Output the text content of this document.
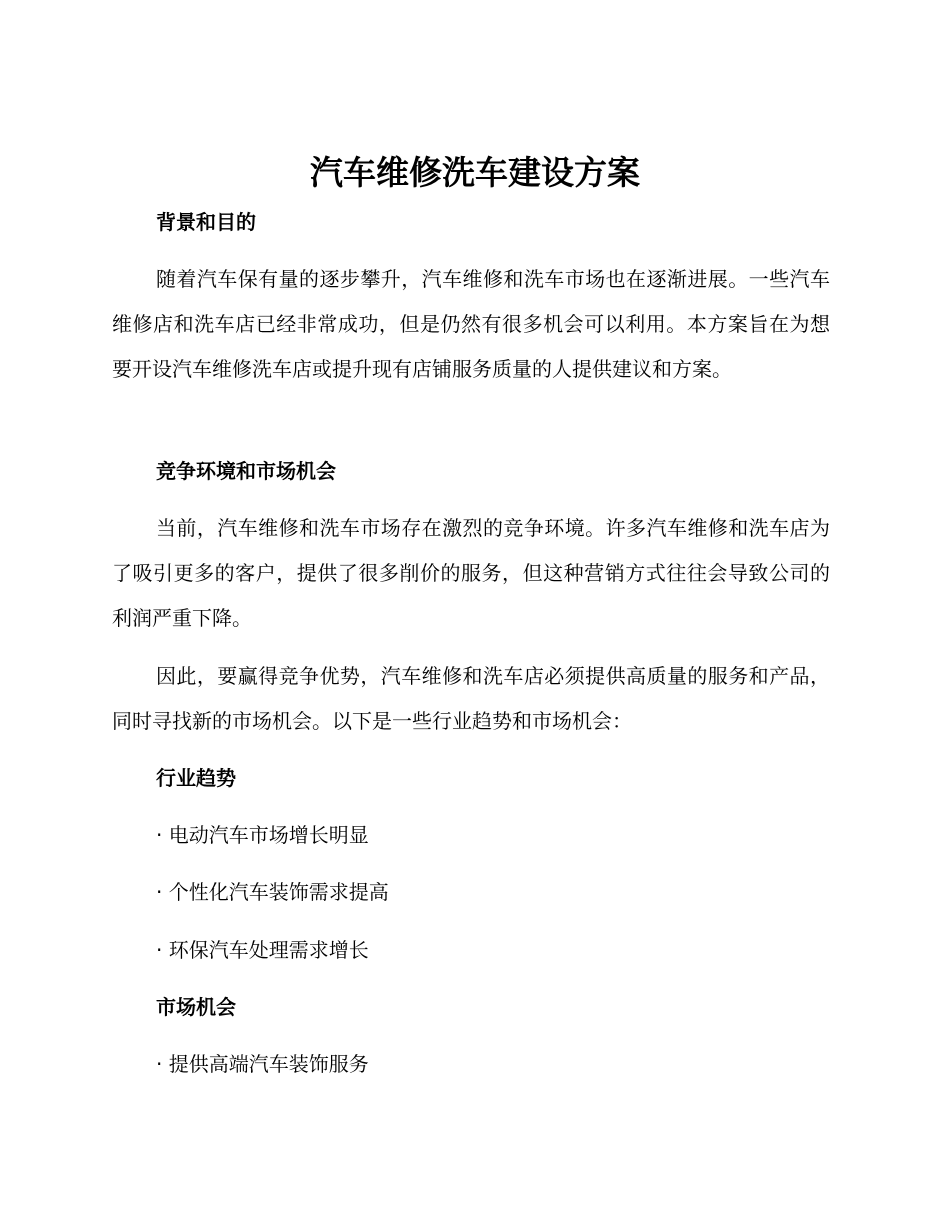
汽车维修洗车建设方案
背景和目的

随着汽车保有量的逐步攀升，汽车维修和洗车市场也在逐渐进展。一些汽车维修店和洗车店已经非常成功，但是仍然有很多机会可以利用。本方案旨在为想要开设汽车维修洗车店或提升现有店铺服务质量的人提供建议和方案。

竞争环境和市场机会

当前，汽车维修和洗车市场存在激烈的竞争环境。许多汽车维修和洗车店为了吸引更多的客户，提供了很多削价的服务，但这种营销方式往往会导致公司的利润严重下降。

因此，要赢得竞争优势，汽车维修和洗车店必须提供高质量的服务和产品，同时寻找新的市场机会。以下是一些行业趋势和市场机会：

行业趋势

· 电动汽车市场增长明显

· 个性化汽车装饰需求提高

· 环保汽车处理需求增长

市场机会

· 提供高端汽车装饰服务
